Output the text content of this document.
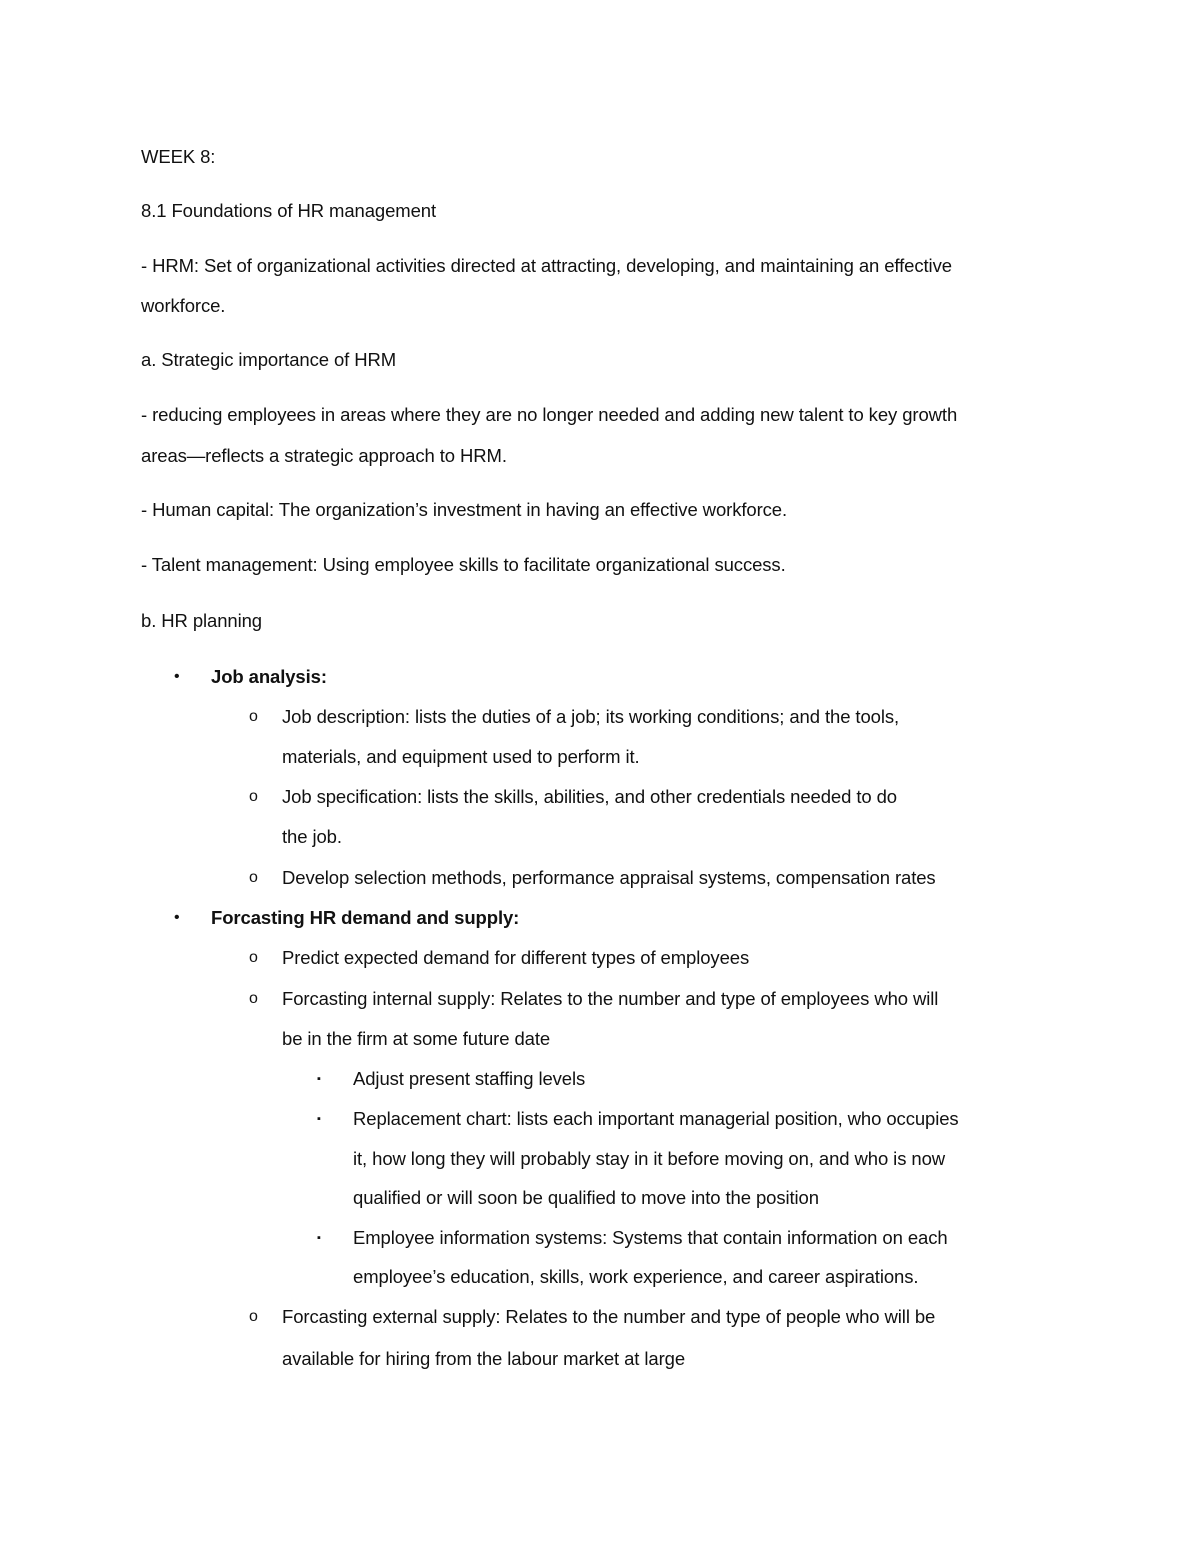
WEEK 8:
8.1 Foundations of HR management
- HRM: Set of organizational activities directed at attracting, developing, and maintaining an effective
workforce.
a. Strategic importance of HRM
- reducing employees in areas where they are no longer needed and adding new talent to key growth
areas—reflects a strategic approach to HRM.
- Human capital: The organization’s investment in having an effective workforce.
- Talent management: Using employee skills to facilitate organizational success.
b. HR planning
• Job analysis:
o Job description: lists the duties of a job; its working conditions; and the tools,
materials, and equipment used to perform it.
o Job specification: lists the skills, abilities, and other credentials needed to do
the job.
o Develop selection methods, performance appraisal systems, compensation rates
• Forcasting HR demand and supply:
o Predict expected demand for different types of employees
o Forcasting internal supply: Relates to the number and type of employees who will
be in the firm at some future date
▪ Adjust present staffing levels
▪ Replacement chart: lists each important managerial position, who occupies
it, how long they will probably stay in it before moving on, and who is now
qualified or will soon be qualified to move into the position
▪ Employee information systems: Systems that contain information on each
employee’s education, skills, work experience, and career aspirations.
o Forcasting external supply: Relates to the number and type of people who will be
available for hiring from the labour market at large
